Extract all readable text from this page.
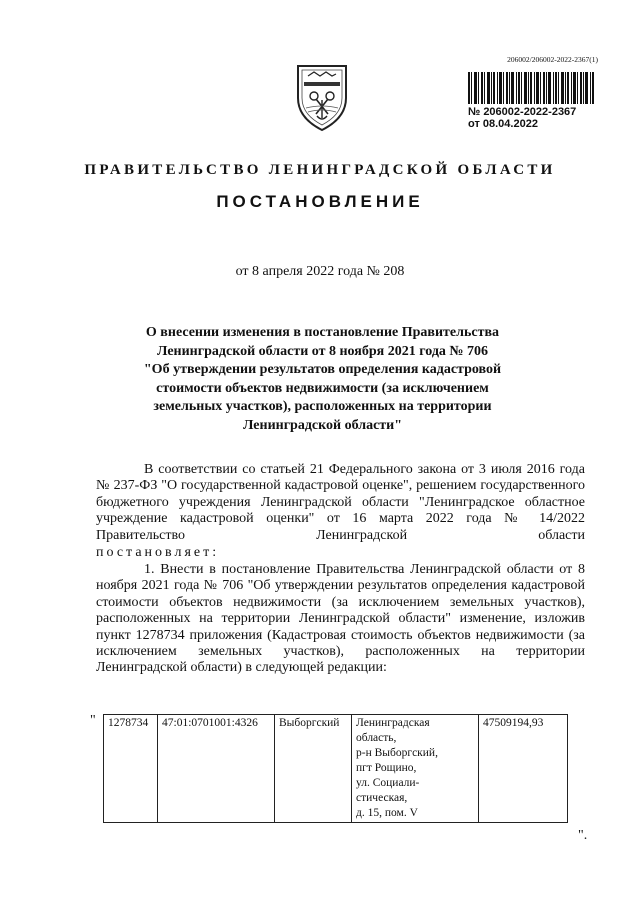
206002/206002-2022-2367(1)
№ 206002-2022-2367
от 08.04.2022
ПРАВИТЕЛЬСТВО ЛЕНИНГРАДСКОЙ ОБЛАСТИ
ПОСТАНОВЛЕНИЕ
от 8 апреля 2022 года № 208
О внесении изменения в постановление Правительства
Ленинградской области от 8 ноября 2021 года № 706
"Об утверждении результатов определения кадастровой
стоимости объектов недвижимости (за исключением
земельных участков), расположенных на территории
Ленинградской области"
В соответствии со статьей 21 Федерального закона от 3 июля 2016 года № 237-ФЗ "О государственной кадастровой оценке", решением государственного бюджетного учреждения Ленинградской области "Ленинградское областное учреждение кадастровой оценки" от 16 марта 2022 года № 14/2022 Правительство Ленинградской области
постановляет:
1. Внести в постановление Правительства Ленинградской области от 8 ноября 2021 года № 706 "Об утверждении результатов определения кадастровой стоимости объектов недвижимости (за исключением земельных участков), расположенных на территории Ленинградской области" изменение, изложив пункт 1278734 приложения (Кадастровая стоимость объектов недвижимости (за исключением земельных участков), расположенных на территории Ленинградской области) в следующей редакции:
" 1278734	47:01:0701001:4326	Выборгский	Ленинградская
область,
р-н Выборгский,
пгт Рощино,
ул. Социали-
стическая,
д. 15, пом. V
	47509194,93
".
